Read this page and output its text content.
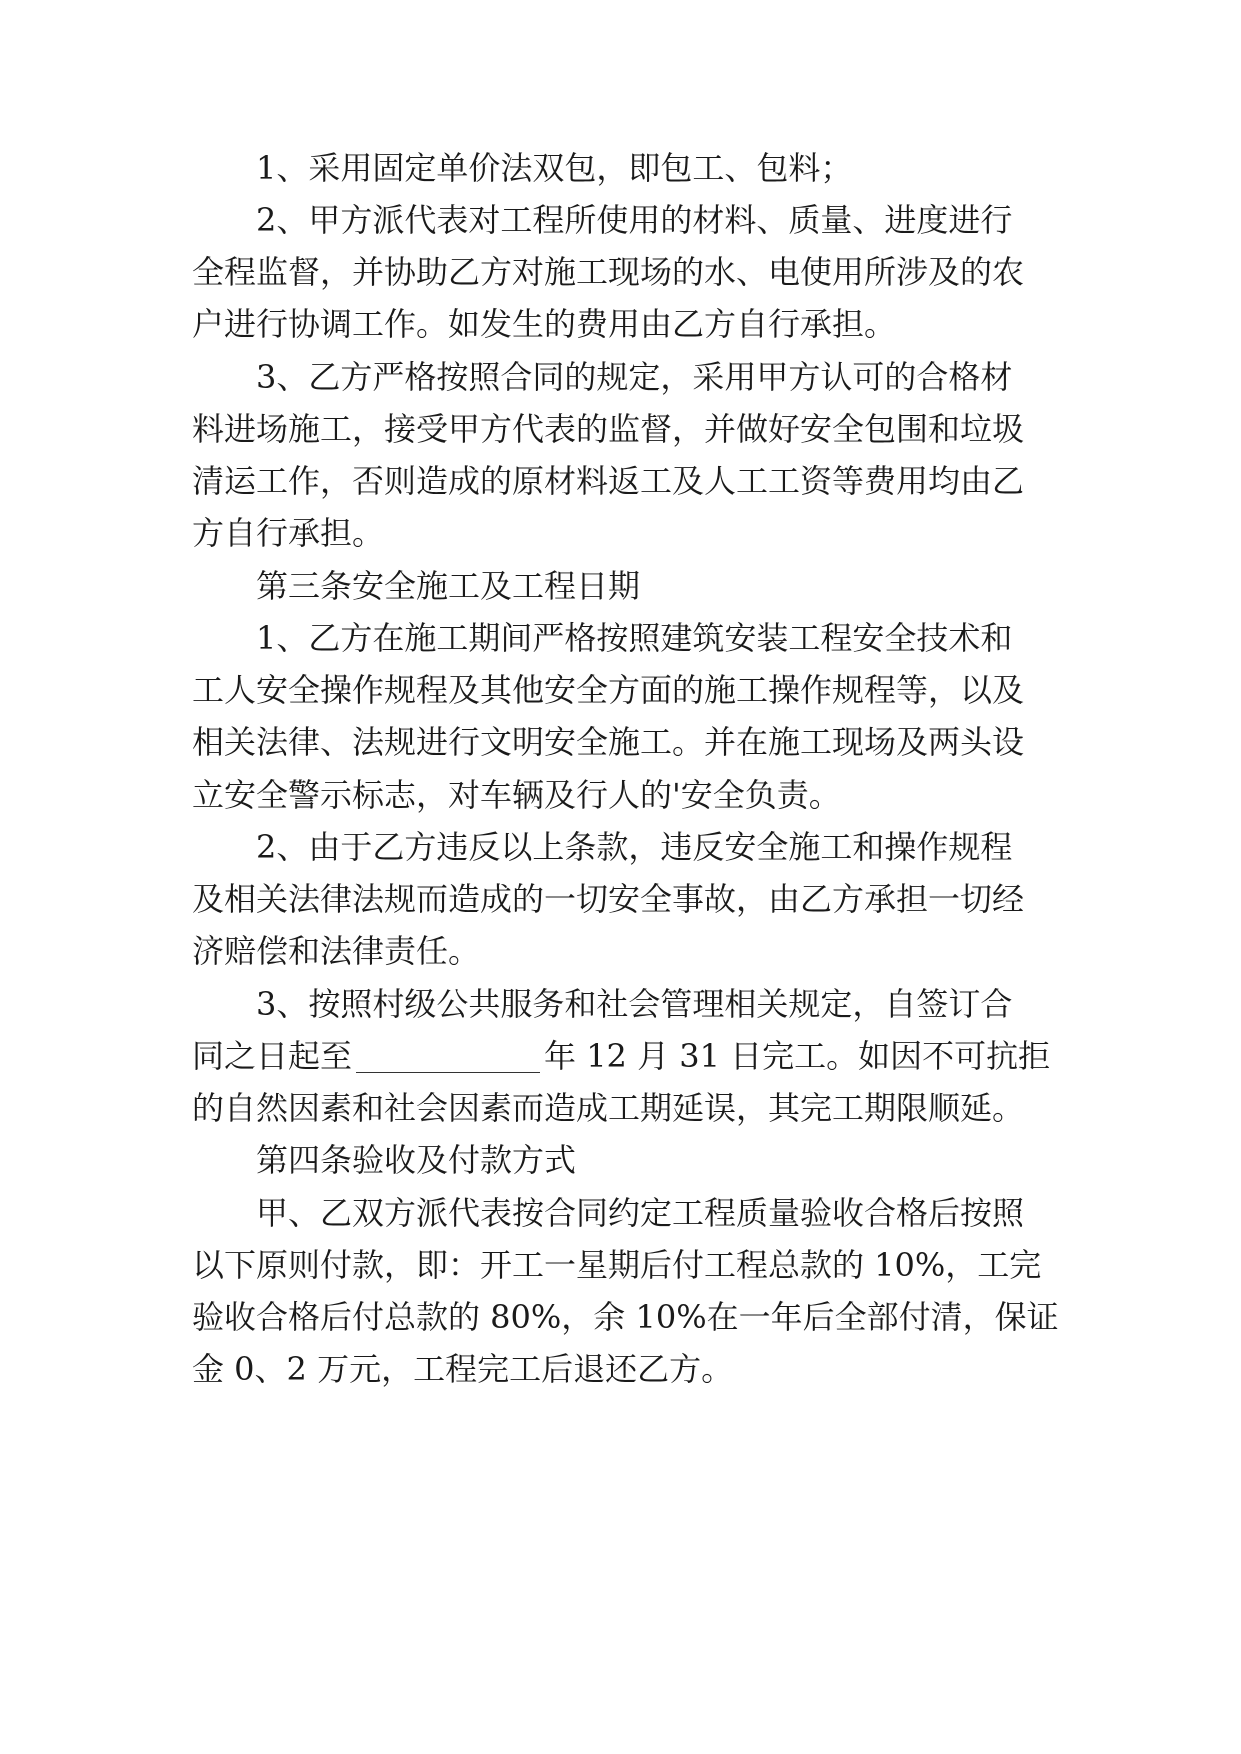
1、采用固定单价法双包，即包工、包料；
2、甲方派代表对工程所使用的材料、质量、进度进行
全程监督，并协助乙方对施工现场的水、电使用所涉及的农
户进行协调工作。如发生的费用由乙方自行承担。
3、乙方严格按照合同的规定，采用甲方认可的合格材
料进场施工，接受甲方代表的监督，并做好安全包围和垃圾
清运工作，否则造成的原材料返工及人工工资等费用均由乙
方自行承担。
第三条安全施工及工程日期
1、乙方在施工期间严格按照建筑安装工程安全技术和
工人安全操作规程及其他安全方面的施工操作规程等，以及
相关法律、法规进行文明安全施工。并在施工现场及两头设
立安全警示标志，对车辆及行人的'安全负责。
2、由于乙方违反以上条款，违反安全施工和操作规程
及相关法律法规而造成的一切安全事故，由乙方承担一切经
济赔偿和法律责任。
3、按照村级公共服务和社会管理相关规定，自签订合
同之日起至	年 12 月 31 日完工。如因不可抗拒
的自然因素和社会因素而造成工期延误，其完工期限顺延。
第四条验收及付款方式
甲、乙双方派代表按合同约定工程质量验收合格后按照
以下原则付款，即：开工一星期后付工程总款的 10%，工完
验收合格后付总款的 80%，余 10%在一年后全部付清，保证
金 0、2 万元，工程完工后退还乙方。
